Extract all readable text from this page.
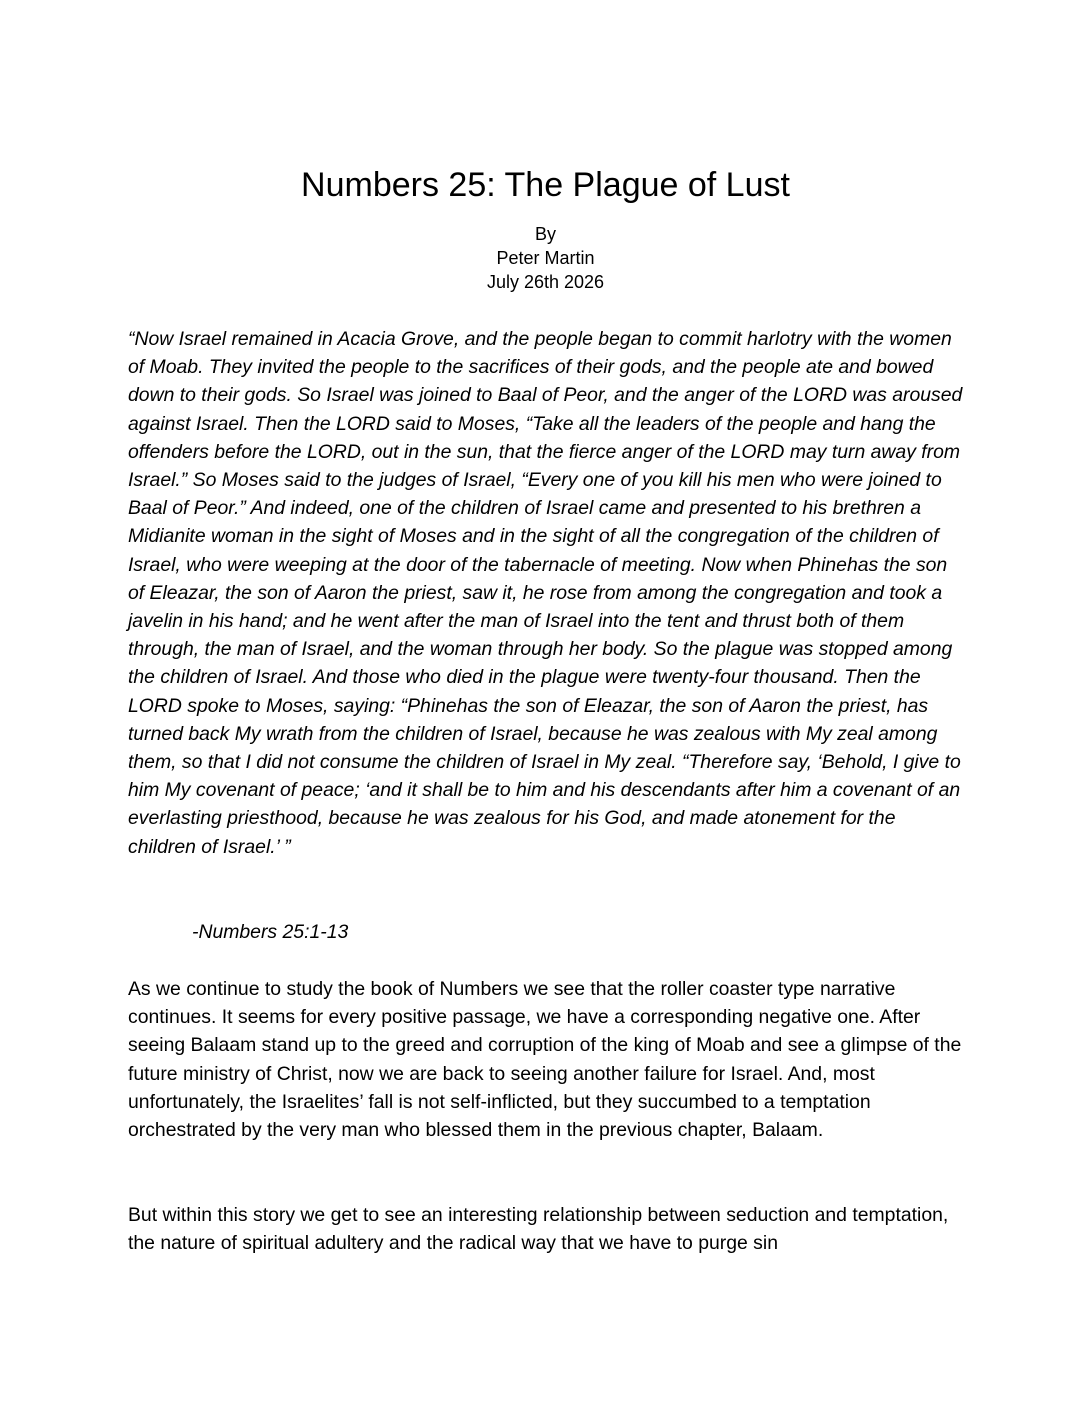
Numbers 25: The Plague of Lust
By
Peter Martin
July 26th 2026

“Now Israel remained in Acacia Grove, and the people began to commit harlotry with the women of Moab. They invited the people to the sacrifices of their gods, and the people ate and bowed down to their gods. So Israel was joined to Baal of Peor, and the anger of the LORD was aroused against Israel. Then the LORD said to Moses, “Take all the leaders of the people and hang the offenders before the LORD, out in the sun, that the fierce anger of the LORD may turn away from Israel.” So Moses said to the judges of Israel, “Every one of you kill his men who were joined to Baal of Peor.” And indeed, one of the children of Israel came and presented to his brethren a Midianite woman in the sight of Moses and in the sight of all the congregation of the children of Israel, who were weeping at the door of the tabernacle of meeting. Now when Phinehas the son of Eleazar, the son of Aaron the priest, saw it, he rose from among the congregation and took a javelin in his hand; and he went after the man of Israel into the tent and thrust both of them through, the man of Israel, and the woman through her body. So the plague was stopped among the children of Israel. And those who died in the plague were twenty-four thousand. Then the LORD spoke to Moses, saying: “Phinehas the son of Eleazar, the son of Aaron the priest, has turned back My wrath from the children of Israel, because he was zealous with My zeal among them, so that I did not consume the children of Israel in My zeal. “Therefore say, ‘Behold, I give to him My covenant of peace; ‘and it shall be to him and his descendants after him a covenant of an everlasting priesthood, because he was zealous for his God, and made atonement for the children of Israel.’ ”

-Numbers 25:1-13

As we continue to study the book of Numbers we see that the roller coaster type narrative continues. It seems for every positive passage, we have a corresponding negative one. After seeing Balaam stand up to the greed and corruption of the king of Moab and see a glimpse of the future ministry of Christ, now we are back to seeing another failure for Israel. And, most unfortunately, the Israelites’ fall is not self-inflicted, but they succumbed to a temptation orchestrated by the very man who blessed them in the previous chapter, Balaam.

But within this story we get to see an interesting relationship between seduction and temptation, the nature of spiritual adultery and the radical way that we have to purge sin
